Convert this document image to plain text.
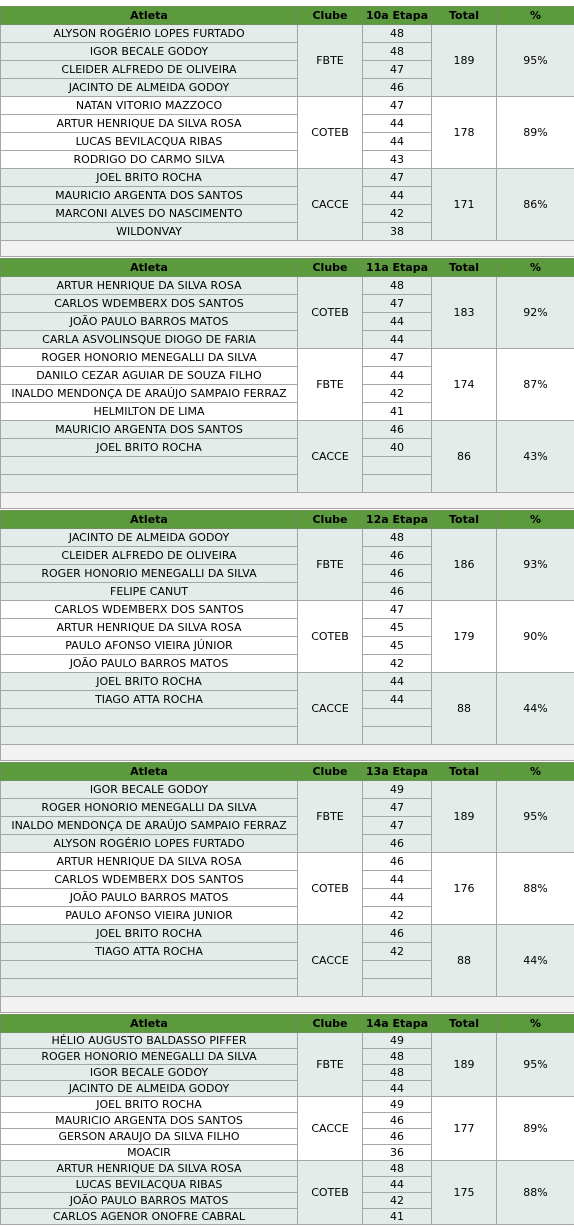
Atleta	Clube	10a Etapa	Total	%
ALYSON ROGÉRIO LOPES FURTADO	FBTE	48	189	95%
IGOR BECALE GODOY		48		
CLEIDER ALFREDO DE OLIVEIRA		47		
JACINTO DE ALMEIDA GODOY		46		
NATAN VITORIO MAZZOCO	COTEB	47	178	89%
ARTUR HENRIQUE DA SILVA ROSA		44		
LUCAS BEVILACQUA RIBAS		44		
RODRIGO DO CARMO SILVA		43		
JOEL BRITO ROCHA	CACCE	47	171	86%
MAURICIO ARGENTA DOS SANTOS		44		
MARCONI ALVES DO NASCIMENTO		42		
WILDONVAY		38		

Atleta	Clube	11a Etapa	Total	%
ARTUR HENRIQUE DA SILVA ROSA	COTEB	48	183	92%
CARLOS WDEMBERX DOS SANTOS		47		
JOÃO PAULO BARROS MATOS		44		
CARLA ASVOLINSQUE DIOGO DE FARIA		44		
ROGER HONORIO MENEGALLI DA SILVA	FBTE	47	174	87%
DANILO CEZAR AGUIAR DE SOUZA FILHO		44		
INALDO MENDONÇA DE ARAÚJO SAMPAIO FERRAZ		42		
HELMILTON DE LIMA		41		
MAURICIO ARGENTA DOS SANTOS	CACCE	46	86	43%
JOEL BRITO ROCHA		40		

Atleta	Clube	12a Etapa	Total	%
JACINTO DE ALMEIDA GODOY	FBTE	48	186	93%
CLEIDER ALFREDO DE OLIVEIRA		46		
ROGER HONORIO MENEGALLI DA SILVA		46		
FELIPE CANUT		46		
CARLOS WDEMBERX DOS SANTOS	COTEB	47	179	90%
ARTUR HENRIQUE DA SILVA ROSA		45		
PAULO AFONSO VIEIRA JÚNIOR		45		
JOÃO PAULO BARROS MATOS		42		
JOEL BRITO ROCHA	CACCE	44	88	44%
TIAGO ATTA ROCHA		44		

Atleta	Clube	13a Etapa	Total	%
IGOR BECALE GODOY	FBTE	49	189	95%
ROGER HONORIO MENEGALLI DA SILVA		47		
INALDO MENDONÇA DE ARAÚJO SAMPAIO FERRAZ		47		
ALYSON ROGÉRIO LOPES FURTADO		46		
ARTUR HENRIQUE DA SILVA ROSA	COTEB	46	176	88%
CARLOS WDEMBERX DOS SANTOS		44		
JOÃO PAULO BARROS MATOS		44		
PAULO AFONSO VIEIRA JUNIOR		42		
JOEL BRITO ROCHA	CACCE	46	88	44%
TIAGO ATTA ROCHA		42		

Atleta	Clube	14a Etapa	Total	%
HÉLIO AUGUSTO BALDASSO PIFFER	FBTE	49	189	95%
ROGER HONORIO MENEGALLI DA SILVA		48		
IGOR BECALE GODOY		48		
JACINTO DE ALMEIDA GODOY		44		
JOEL BRITO ROCHA	CACCE	49	177	89%
MAURICIO ARGENTA DOS SANTOS		46		
GERSON ARAUJO DA SILVA FILHO		46		
MOACIR		36		
ARTUR HENRIQUE DA SILVA ROSA	COTEB	48	175	88%
LUCAS BEVILACQUA RIBAS		44		
JOÃO PAULO BARROS MATOS		42		
CARLOS AGENOR ONOFRE CABRAL		41		
